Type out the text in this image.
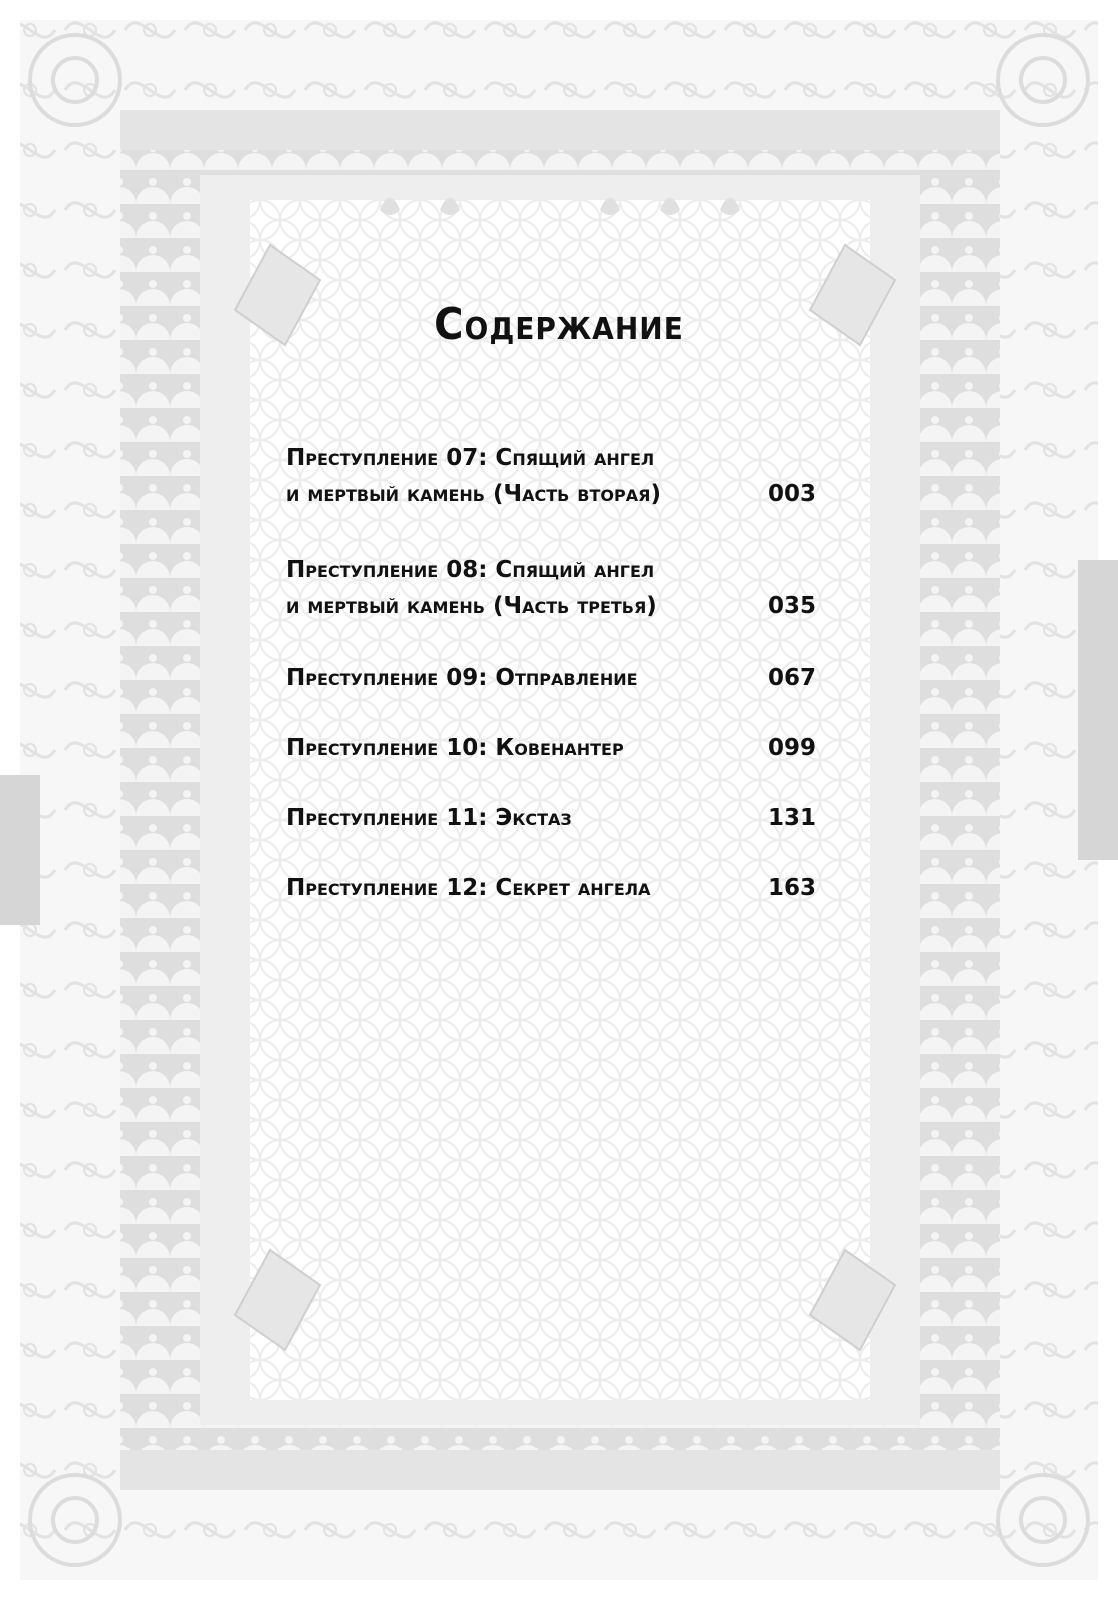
Содержание
Преступление 07: Спящий ангел
и мертвый камень (Часть вторая)	003
Преступление 08: Спящий ангел
и мертвый камень (Часть третья)	035
Преступление 09: Отправление	067
Преступление 10: Ковенантер	099
Преступление 11: Экстаз	131
Преступление 12: Секрет ангела	163
